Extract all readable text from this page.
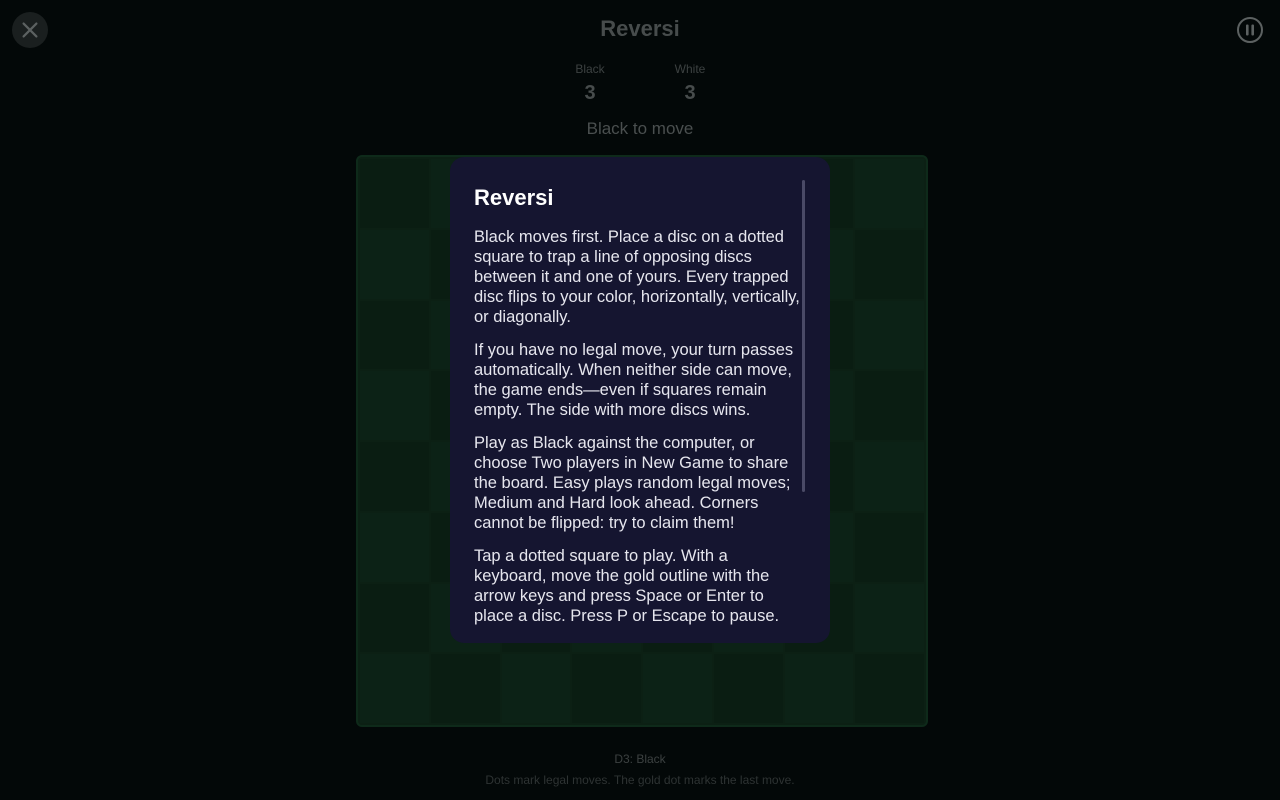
Reversi
Black
3
White
3
Black to move
D3: Black
Dots mark legal moves. The gold dot marks the last move.
Reversi

Black moves first. Place a disc on a dotted square to trap a line of opposing discs between it and one of yours. Every trapped disc flips to your color, horizontally, vertically, or diagonally.

If you have no legal move, your turn passes automatically. When neither side can move, the game ends—even if squares remain empty. The side with more discs wins.

Play as Black against the computer, or choose Two players in New Game to share the board. Easy plays random legal moves; Medium and Hard look ahead. Corners cannot be flipped: try to claim them!

Tap a dotted square to play. With a keyboard, move the gold outline with the arrow keys and press Space or Enter to place a disc. Press P or Escape to pause.
